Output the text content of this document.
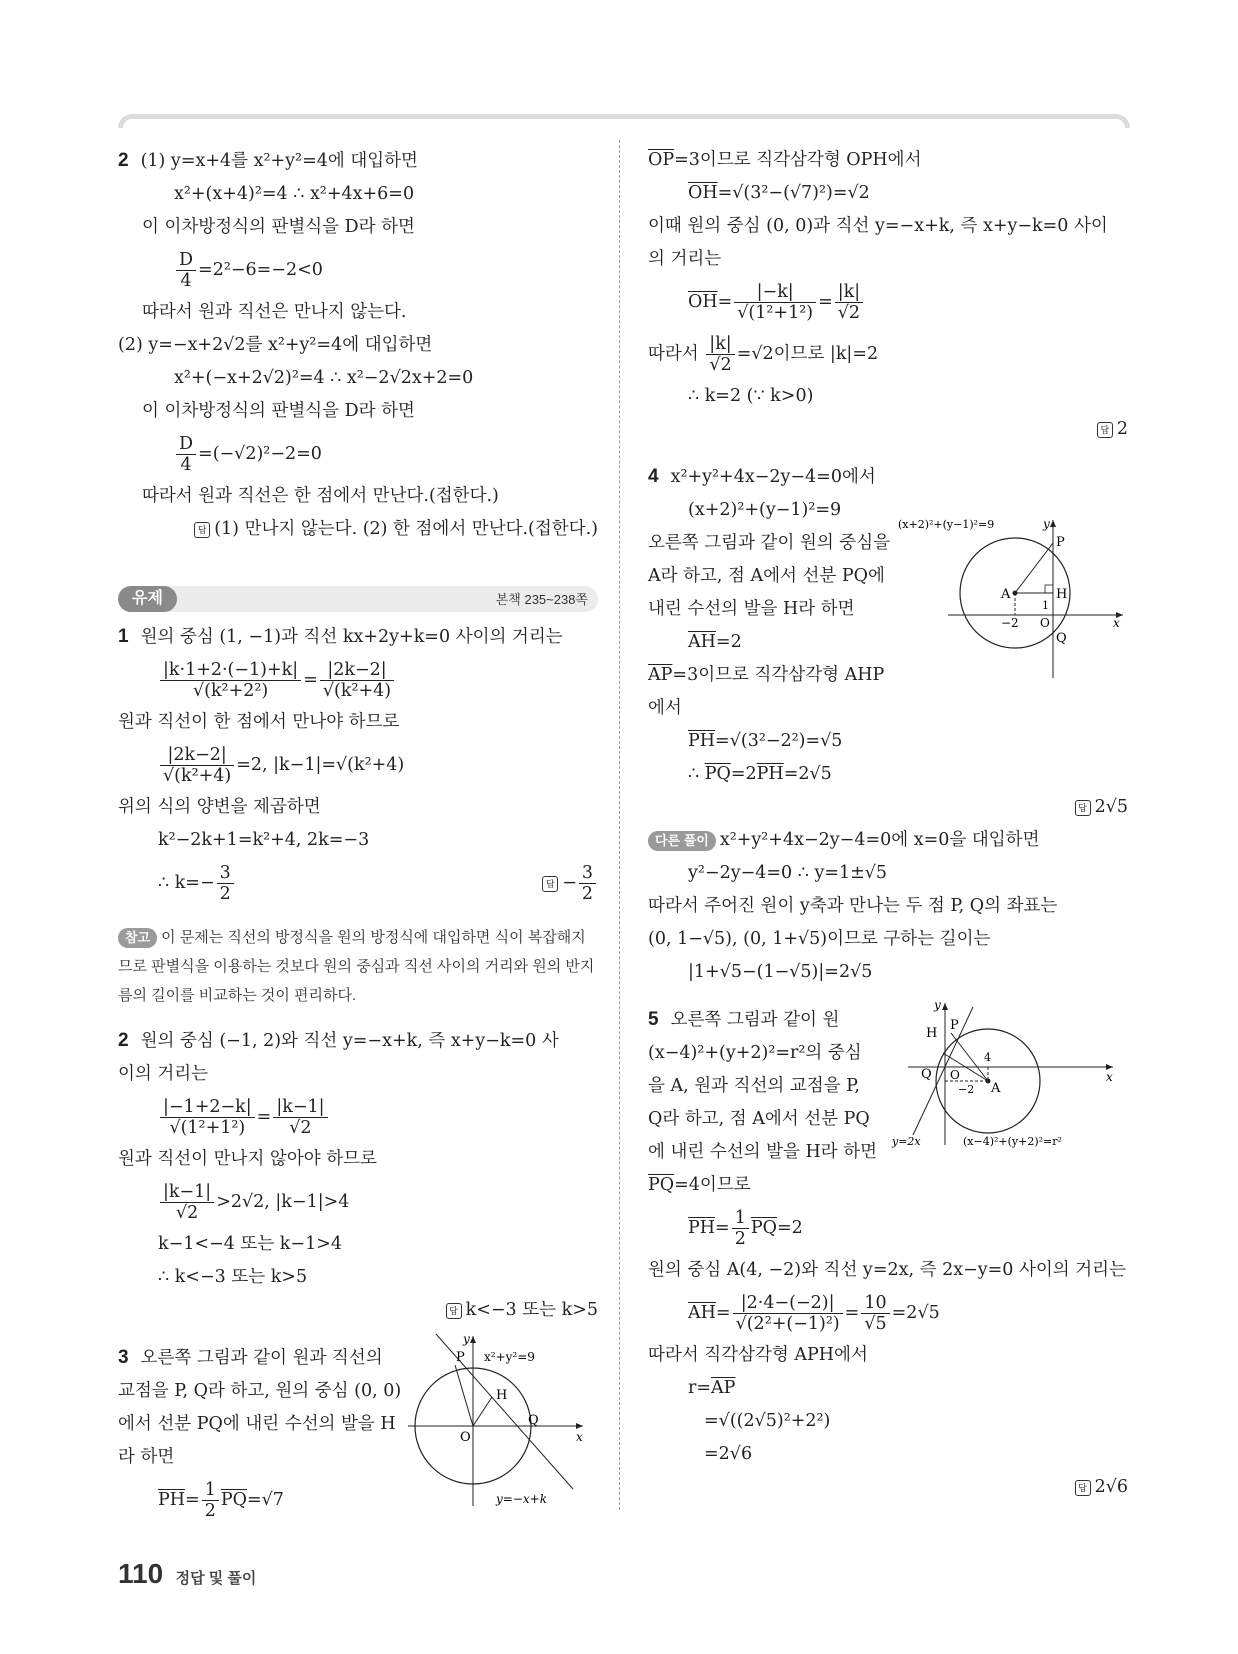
2 (1) y=x+4를 x²+y²=4에 대입하면
x²+(x+4)²=4 ∴ x²+4x+6=0
이 이차방정식의 판별식을 D라 하면
$\frac{D}{4} =2^2-6=-2<0$
따라서 원과 직선은 만나지 않는다.
(2) y=−x+2√2를 x²+y²=4에 대입하면
x²+(−x+2√2)²=4 ∴ x²−2√2x+2=0
이 이차방정식의 판별식을 D라 하면
$\frac{D}{4} =(-√2)^2-2=0$
따라서 원과 직선은 한 점에서 만난다.(접한다.)
답 (1) 만나지 않는다. (2) 한 점에서 만난다.(접한다.)
유제	본책 235~238쪽
1 원의 중심 (1, −1)과 직선 kx+2y+k=0 사이의 거리는
$\frac{|k\cdot 1+2\cdot(-1)+k|}{\text{√(k²+2²)}} = \frac{|2k-2|}{\text{√(k²+4)}}$
원과 직선이 한 점에서 만나야 하므로
$\frac{|2k-2|}{\text{√(k²+4)}} =2$, |k−1|=√(k²+4)
위의 식의 양변을 제곱하면
k²−2k+1=k²+4, 2k=−3
∴ $k=- \frac{3}{2}$	답 − $\frac{3}{2}$
참고 이 문제는 직선의 방정식을 원의 방정식에 대입하면 식이 복잡해지므로 판별식을 이용하는 것보다 원의 중심과 직선 사이의 거리와 원의 반지름의 길이를 비교하는 것이 편리하다.
2 원의 중심 (−1, 2)와 직선 y=−x+k, 즉 x+y−k=0 사
이의 거리는
$\frac{|-1+2-k|}{\text{√(1²+1²)}} = \frac{|k-1|}{√2}$
원과 직선이 만나지 않아야 하므로
$\frac{|k-1|}{√2} >2√2$, |k−1|>4
k−1<−4 또는 k−1>4
∴ k<−3 또는 k>5
답 k<−3 또는 k>5
3 오른쪽 그림과 같이 원과 직선의
교점을 P, Q라 하고, 원의 중심 (0, 0)
에서 선분 PQ에 내린 수선의 발을 H
라 하면
$\overline{PH}= \frac{1}{2} \overline{PQ}=√7$
P
Q
H
O	x
y
x²+y²=9
y=−x+k
$\overline{OP}=3$이므로 직각삼각형 OPH에서
$\overline{OH}=√(3^2-(√7)^2)=√2$
이때 원의 중심 (0, 0)과 직선 y=−x+k, 즉 x+y−k=0 사이
의 거리는
$\overline{OH}= \frac{|-k|}{\text{√(1²+1²)}} = \frac{|k|}{√2}$
따라서 $\frac{|k|}{√2} =√2$이므로 |k|=2
∴ k=2 (∵ k>0)
답 2
4 x²+y²+4x−2y−4=0에서
(x+2)²+(y−1)²=9
오른쪽 그림과 같이 원의 중심을
A라 하고, 점 A에서 선분 PQ에
내린 수선의 발을 H라 하면
$\overline{AH}=2$
$\overline{AP}=3$이므로 직각삼각형 AHP
에서
$\overline{PH}=√(3^2-2^2)=√5$
∴ $\overline{PQ}=2\overline{PH}=2√5$
A
P
H
Q
O
−2
1
x
y
(x+2)²+(y−1)²=9
답 2√5
다른 풀이 x²+y²+4x−2y−4=0에 x=0을 대입하면
y²−2y−4=0 ∴ y=1±√5
따라서 주어진 원이 y축과 만나는 두 점 P, Q의 좌표는
(0, 1−√5), (0, 1+√5)이므로 구하는 길이는
|1+√5−(1−√5)|=2√5
5 오른쪽 그림과 같이 원
(x−4)²+(y+2)²=r²의 중심
을 A, 원과 직선의 교점을 P,
Q라 하고, 점 A에서 선분 PQ
에 내린 수선의 발을 H라 하면
$\overline{PQ}=4$이므로
$\overline{PH}= \frac{1}{2} \overline{PQ}=2$
H
P
Q O
A
4
−2
x
y
y=2x	(x−4)²+(y+2)²=r²
원의 중심 A(4, −2)와 직선 y=2x, 즉 2x−y=0 사이의 거리는
$\overline{AH}= \frac{|2\cdot 4-(-2)|}{\text{√(2²+(−1)²)}} = \frac{10}{√5} =2√5$
따라서 직각삼각형 APH에서
$r=\overline{AP}$
=√((2√5)²+2²)
=2√6
답 2√6
110 정답 및 풀이
